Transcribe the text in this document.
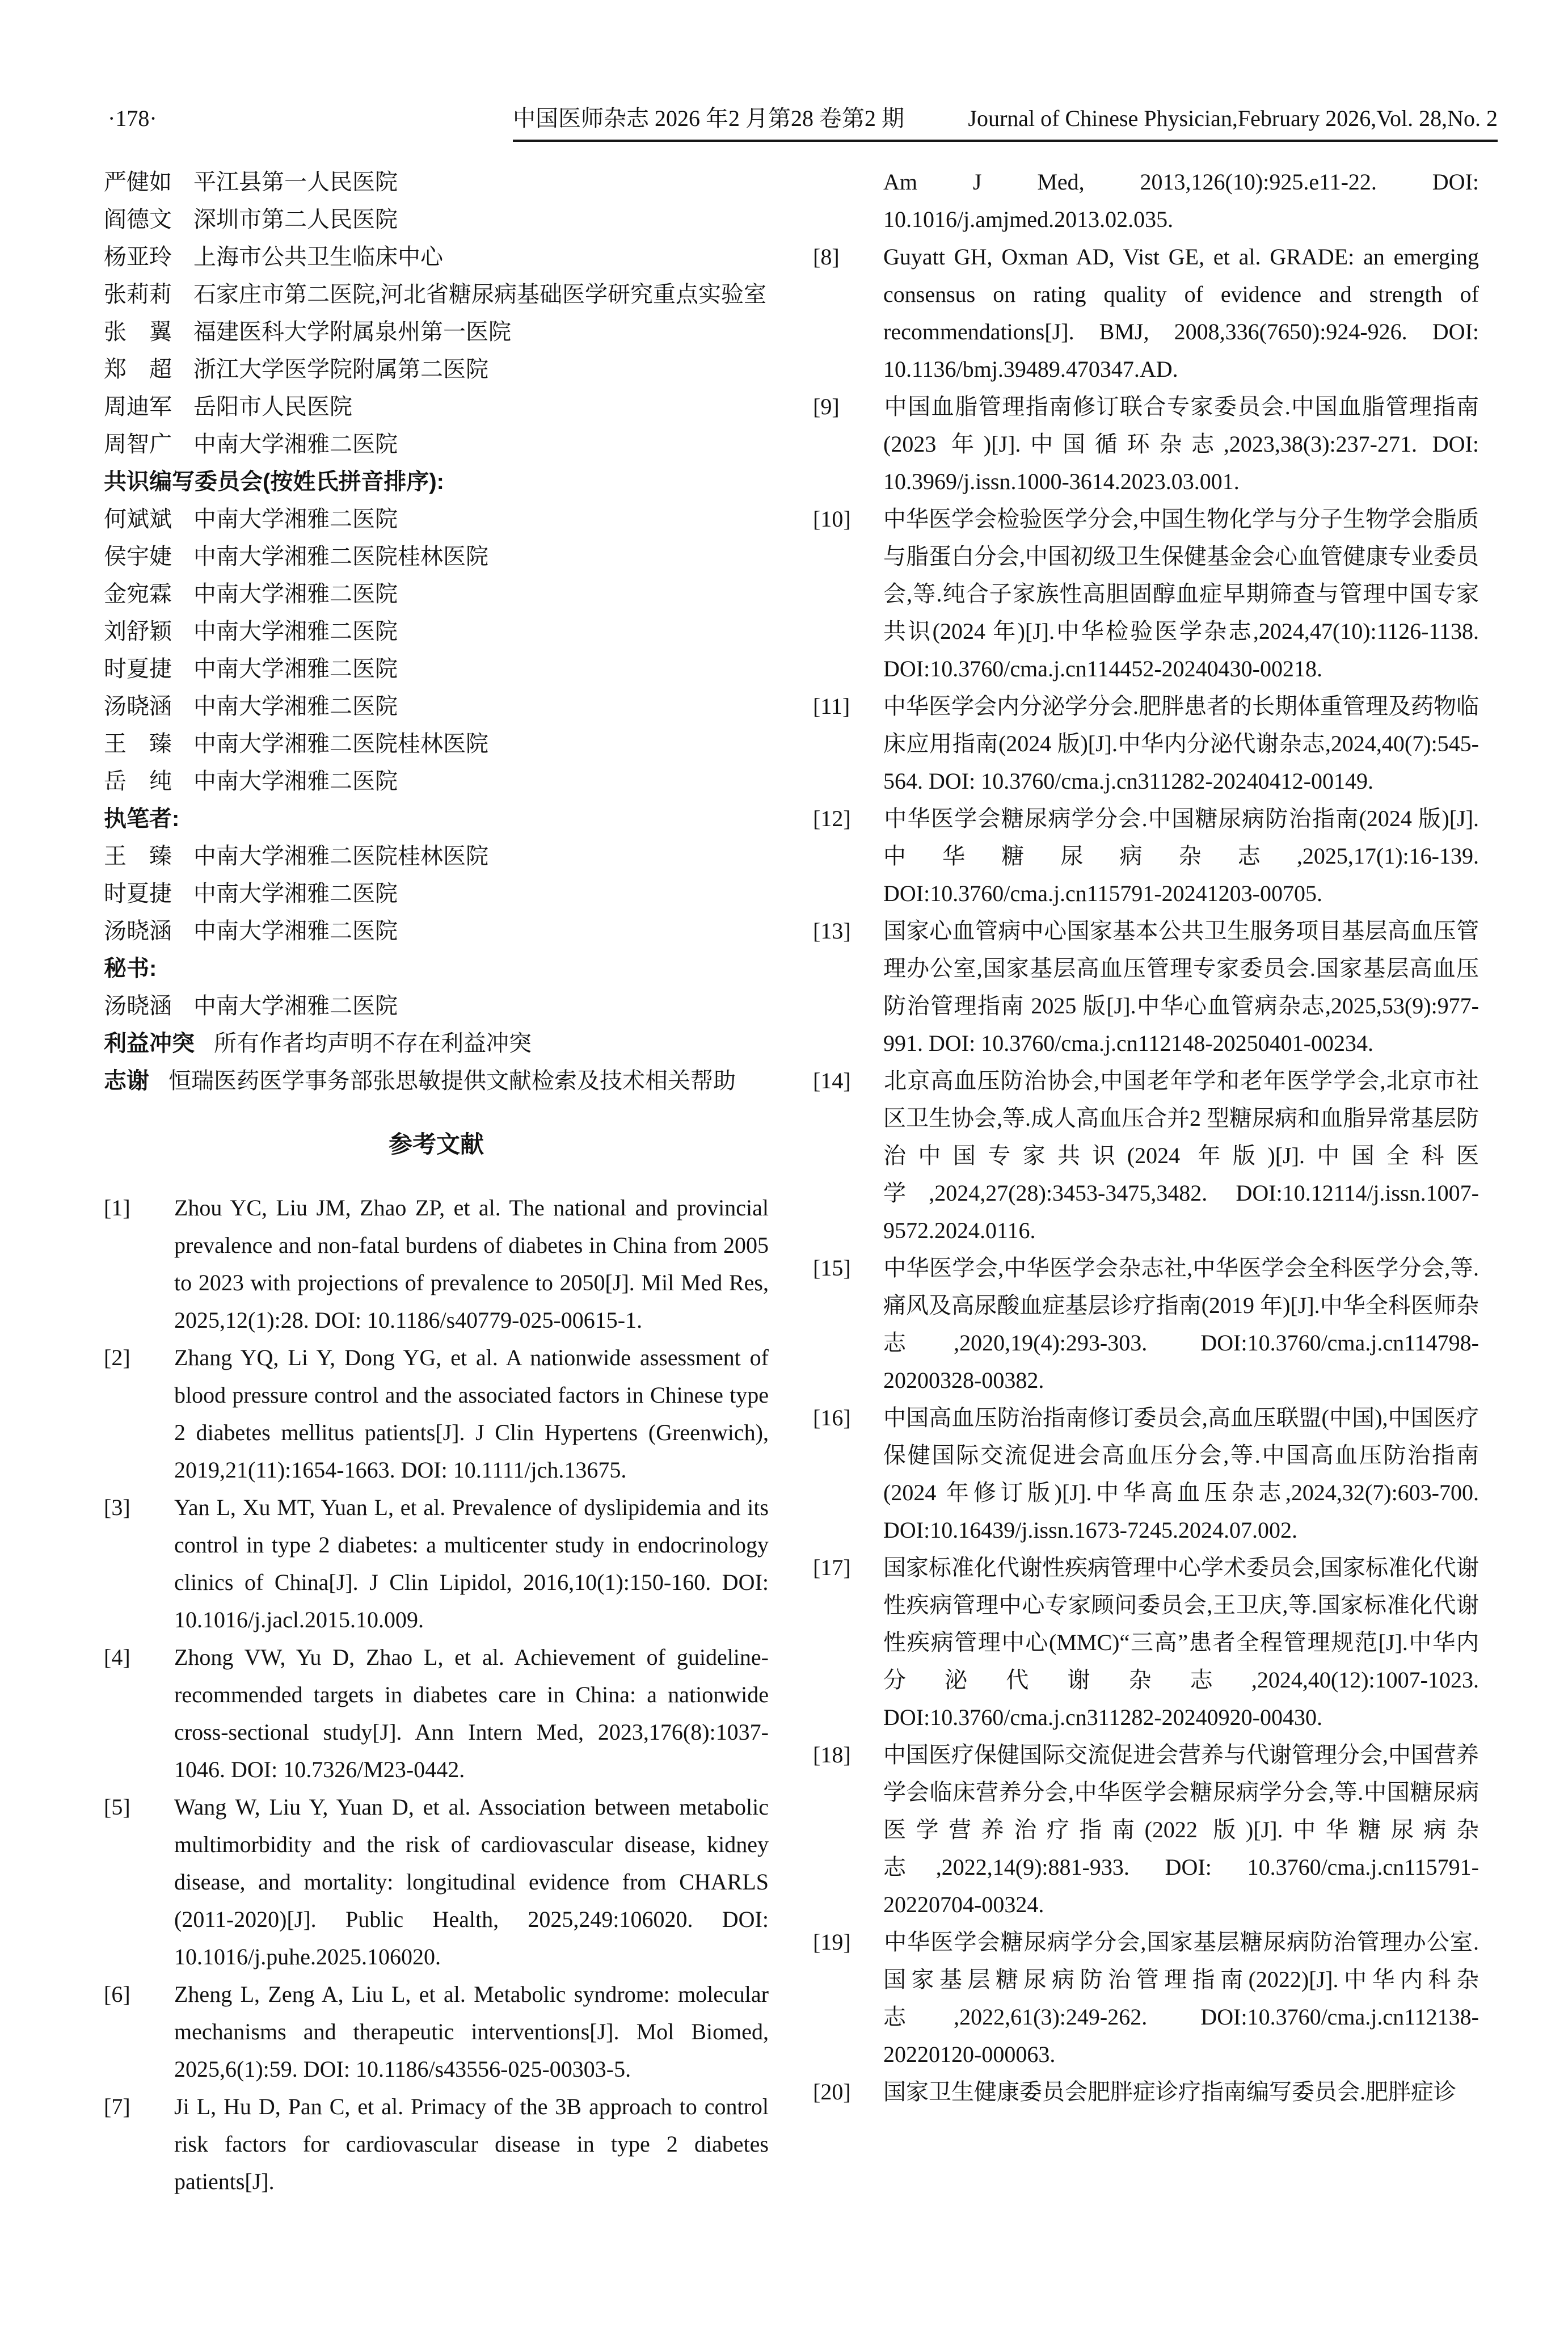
·178·	中国医师杂志 2026 年2 月第28 卷第2 期	Journal of Chinese Physician,February 2026,Vol. 28,No. 2

严健如 平江县第一人民医院

阎德文 深圳市第二人民医院

杨亚玲 上海市公共卫生临床中心

张莉莉 石家庄市第二医院,河北省糖尿病基础医学研究重点实验室

张　翼 福建医科大学附属泉州第一医院

郑　超 浙江大学医学院附属第二医院

周迪军 岳阳市人民医院

周智广 中南大学湘雅二医院

共识编写委员会(按姓氏拼音排序):

何斌斌 中南大学湘雅二医院

侯宇婕 中南大学湘雅二医院桂林医院

金宛霖 中南大学湘雅二医院

刘舒颖 中南大学湘雅二医院

时夏捷 中南大学湘雅二医院

汤晓涵 中南大学湘雅二医院

王　臻 中南大学湘雅二医院桂林医院

岳　纯 中南大学湘雅二医院

执笔者:

王　臻 中南大学湘雅二医院桂林医院

时夏捷 中南大学湘雅二医院

汤晓涵 中南大学湘雅二医院

秘书:

汤晓涵 中南大学湘雅二医院

利益冲突 所有作者均声明不存在利益冲突

志谢 恒瑞医药医学事务部张思敏提供文献检索及技术相关帮助

参考文献

[1] Zhou YC, Liu JM, Zhao ZP, et al. The national and provincial prevalence and non-fatal burdens of diabetes in China from 2005 to 2023 with projections of prevalence to 2050[J]. Mil Med Res, 2025,12(1):28. DOI: 10.1186/s40779-025-00615-1.

[2] Zhang YQ, Li Y, Dong YG, et al. A nationwide assessment of blood pressure control and the associated factors in Chinese type 2 diabetes mellitus patients[J]. J Clin Hypertens (Greenwich), 2019,21(11):1654-1663. DOI: 10.1111/jch.13675.

[3] Yan L, Xu MT, Yuan L, et al. Prevalence of dyslipidemia and its control in type 2 diabetes: a multicenter study in endocrinology clinics of China[J]. J Clin Lipidol, 2016,10(1):150-160. DOI: 10.1016/j.jacl.2015.10.009.

[4] Zhong VW, Yu D, Zhao L, et al. Achievement of guideline-recommended targets in diabetes care in China: a nationwide cross-sectional study[J]. Ann Intern Med, 2023,176(8):1037-1046. DOI: 10.7326/M23-0442.

[5] Wang W, Liu Y, Yuan D, et al. Association between metabolic multimorbidity and the risk of cardiovascular disease, kidney disease, and mortality: longitudinal evidence from CHARLS (2011-2020)[J]. Public Health, 2025,249:106020. DOI: 10.1016/j.puhe.2025.106020.

[6] Zheng L, Zeng A, Liu L, et al. Metabolic syndrome: molecular mechanisms and therapeutic interventions[J]. Mol Biomed, 2025,6(1):59. DOI: 10.1186/s43556-025-00303-5.

[7] Ji L, Hu D, Pan C, et al. Primacy of the 3B approach to control risk factors for cardiovascular disease in type 2 diabetes patients[J].

Am J Med, 2013,126(10):925.e11-22. DOI: 10.1016/j.amjmed.2013.02.035.

[8] Guyatt GH, Oxman AD, Vist GE, et al. GRADE: an emerging consensus on rating quality of evidence and strength of recommendations[J]. BMJ, 2008,336(7650):924-926. DOI: 10.1136/bmj.39489.470347.AD.

[9] 中国血脂管理指南修订联合专家委员会.中国血脂管理指南(2023 年)[J].中国循环杂志,2023,38(3):237-271. DOI: 10.3969/j.issn.1000-3614.2023.03.001.

[10] 中华医学会检验医学分会,中国生物化学与分子生物学会脂质与脂蛋白分会,中国初级卫生保健基金会心血管健康专业委员会,等.纯合子家族性高胆固醇血症早期筛查与管理中国专家共识(2024 年)[J].中华检验医学杂志,2024,47(10):1126-1138. DOI:10.3760/cma.j.cn114452-20240430-00218.

[11] 中华医学会内分泌学分会.肥胖患者的长期体重管理及药物临床应用指南(2024 版)[J].中华内分泌代谢杂志,2024,40(7):545-564. DOI: 10.3760/cma.j.cn311282-20240412-00149.

[12] 中华医学会糖尿病学分会.中国糖尿病防治指南(2024 版)[J].中华糖尿病杂志,2025,17(1):16-139. DOI:10.3760/cma.j.cn115791-20241203-00705.

[13] 国家心血管病中心国家基本公共卫生服务项目基层高血压管理办公室,国家基层高血压管理专家委员会.国家基层高血压防治管理指南 2025 版[J].中华心血管病杂志,2025,53(9):977-991. DOI: 10.3760/cma.j.cn112148-20250401-00234.

[14] 北京高血压防治协会,中国老年学和老年医学学会,北京市社区卫生协会,等.成人高血压合并2 型糖尿病和血脂异常基层防治中国专家共识(2024 年版)[J].中国全科医学,2024,27(28):3453-3475,3482. DOI:10.12114/j.issn.1007-9572.2024.0116.

[15] 中华医学会,中华医学会杂志社,中华医学会全科医学分会,等.痛风及高尿酸血症基层诊疗指南(2019 年)[J].中华全科医师杂志,2020,19(4):293-303. DOI:10.3760/cma.j.cn114798-20200328-00382.

[16] 中国高血压防治指南修订委员会,高血压联盟(中国),中国医疗保健国际交流促进会高血压分会,等.中国高血压防治指南(2024 年修订版)[J].中华高血压杂志,2024,32(7):603-700. DOI:10.16439/j.issn.1673-7245.2024.07.002.

[17] 国家标准化代谢性疾病管理中心学术委员会,国家标准化代谢性疾病管理中心专家顾问委员会,王卫庆,等.国家标准化代谢性疾病管理中心(MMC)“三高”患者全程管理规范[J].中华内分泌代谢杂志,2024,40(12):1007-1023. DOI:10.3760/cma.j.cn311282-20240920-00430.

[18] 中国医疗保健国际交流促进会营养与代谢管理分会,中国营养学会临床营养分会,中华医学会糖尿病学分会,等.中国糖尿病医学营养治疗指南(2022 版)[J].中华糖尿病杂志,2022,14(9):881-933. DOI: 10.3760/cma.j.cn115791-20220704-00324.

[19] 中华医学会糖尿病学分会,国家基层糖尿病防治管理办公室.国家基层糖尿病防治管理指南(2022)[J].中华内科杂志,2022,61(3):249-262. DOI:10.3760/cma.j.cn112138-20220120-000063.

[20] 国家卫生健康委员会肥胖症诊疗指南编写委员会.肥胖症诊
